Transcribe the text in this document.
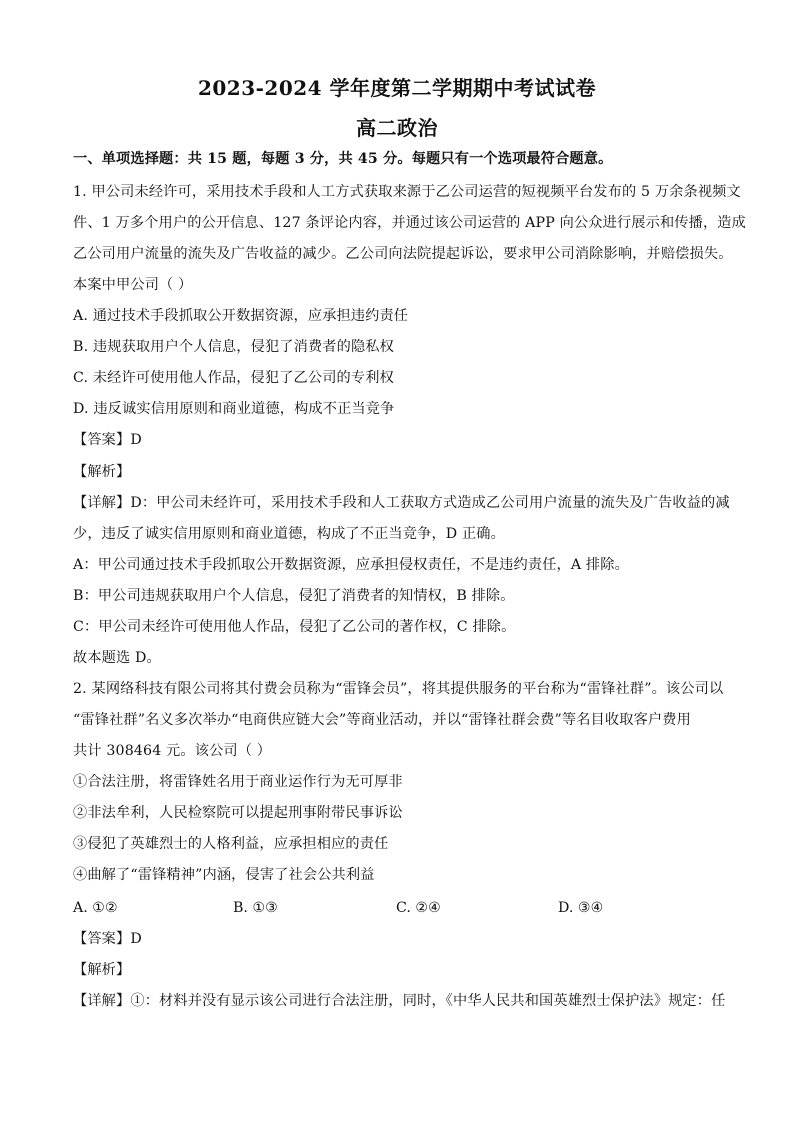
2023-2024 学年度第二学期期中考试试卷
高二政治
一、单项选择题：共 15 题，每题 3 分，共 45 分。每题只有一个选项最符合题意。
1. 甲公司未经许可，采用技术手段和人工方式获取来源于乙公司运营的短视频平台发布的 5 万余条视频文
件、1 万多个用户的公开信息、127 条评论内容，并通过该公司运营的 APP 向公众进行展示和传播，造成
乙公司用户流量的流失及广告收益的减少。乙公司向法院提起诉讼，要求甲公司消除影响，并赔偿损失。
本案中甲公司（ ）
A. 通过技术手段抓取公开数据资源，应承担违约责任
B. 违规获取用户个人信息，侵犯了消费者的隐私权
C. 未经许可使用他人作品，侵犯了乙公司的专利权
D. 违反诚实信用原则和商业道德，构成不正当竞争
【答案】D
【解析】
【详解】D：甲公司未经许可，采用技术手段和人工获取方式造成乙公司用户流量的流失及广告收益的减
少，违反了诚实信用原则和商业道德，构成了不正当竞争，D 正确。
A：甲公司通过技术手段抓取公开数据资源，应承担侵权责任，不是违约责任，A 排除。
B：甲公司违规获取用户个人信息，侵犯了消费者的知情权，B 排除。
C：甲公司未经许可使用他人作品，侵犯了乙公司的著作权，C 排除。
故本题选 D。
2. 某网络科技有限公司将其付费会员称为“雷锋会员”，将其提供服务的平台称为“雷锋社群”。该公司以
“雷锋社群”名义多次举办“电商供应链大会”等商业活动，并以“雷锋社群会费”等名目收取客户费用
共计 308464 元。该公司（ ）
①合法注册，将雷锋姓名用于商业运作行为无可厚非
②非法牟利，人民检察院可以提起刑事附带民事诉讼
③侵犯了英雄烈士的人格利益，应承担相应的责任
④曲解了“雷锋精神”内涵，侵害了社会公共利益
A. ①②	B. ①③	C. ②④	D. ③④
【答案】D
【解析】
【详解】①：材料并没有显示该公司进行合法注册，同时，《中华人民共和国英雄烈士保护法》规定：任
